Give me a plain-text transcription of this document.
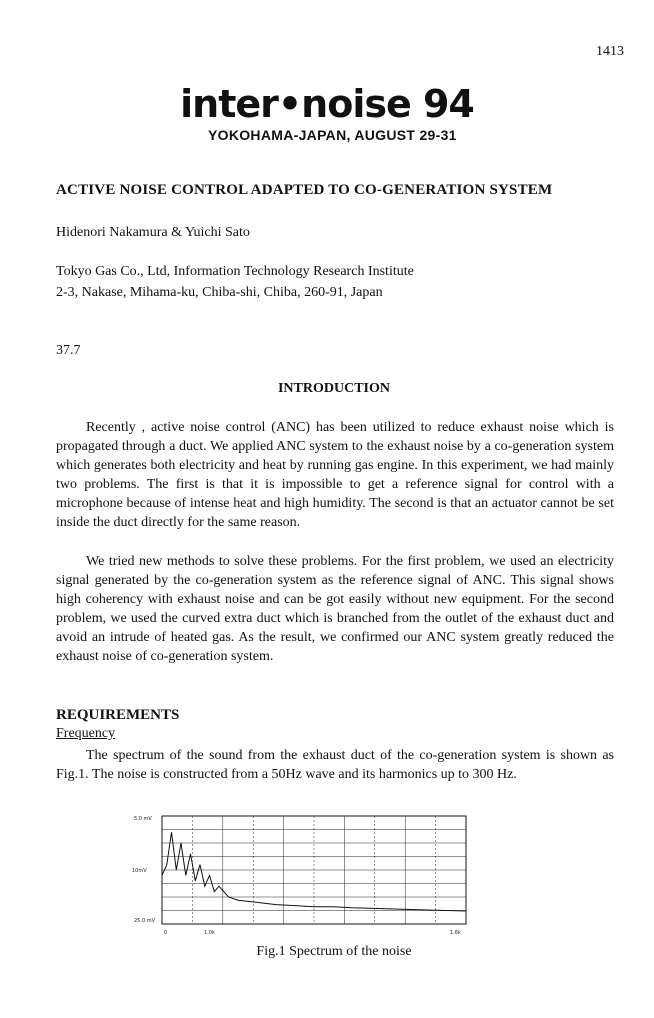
1413
inter•noise 94
YOKOHAMA-JAPAN, AUGUST 29-31
ACTIVE NOISE CONTROL ADAPTED TO CO-GENERATION SYSTEM
Hidenori Nakamura & Yuichi Sato
Tokyo Gas Co., Ltd, Information Technology Research Institute
2-3, Nakase, Mihama-ku, Chiba-shi, Chiba, 260-91, Japan
37.7
INTRODUCTION
Recently , active noise control (ANC) has been utilized to reduce exhaust noise which is propagated through a duct. We applied ANC system to the exhaust noise by a co-generation system which generates both electricity and heat by running gas engine. In this experiment, we had mainly two problems. The first is that it is impossible to get a reference signal for control with a microphone because of intense heat and high humidity. The second is that an actuator cannot be set inside the duct directly for the same reason.
We tried new methods to solve these problems. For the first problem, we used an electricity signal generated by the co-generation system as the reference signal of ANC. This signal shows high coherency with exhaust noise and can be got easily without new equipment. For the second problem, we used the curved extra duct which is branched from the outlet of the exhaust duct and avoid an intrude of heated gas. As the result, we confirmed our ANC system greatly reduced the exhaust noise of co-generation system.
REQUIREMENTS
Frequency
The spectrum of the sound from the exhaust duct of the co-generation system is shown as Fig.1. The noise is constructed from a 50Hz wave and its harmonics up to 300 Hz.
5.0 mV
10mV
25.0 mV
0	1.0k	1.6k
Fig.1 Spectrum of the noise
